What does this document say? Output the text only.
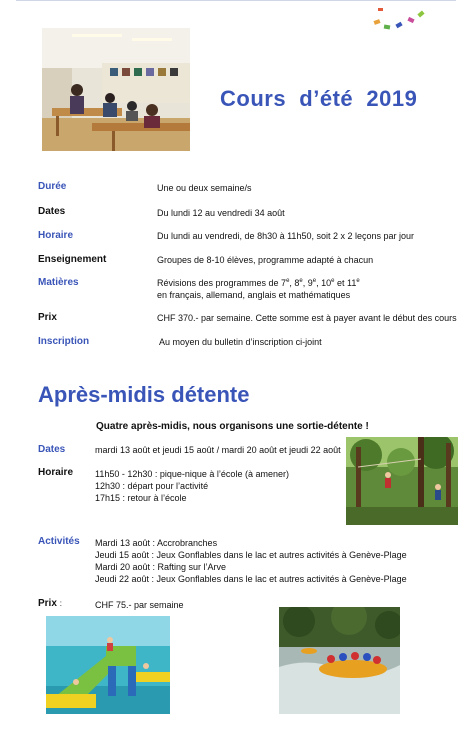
Cours  d’été  2019
Durée	Une ou deux semaine/s
Dates	Du lundi 12 au vendredi 34 août
Horaire	Du lundi au vendredi, de 8h30 à 11h50, soit 2 x 2 leçons par jour
Enseignement	Groupes de 8-10 élèves, programme adapté à chacun
Matières	Révisions des programmes de 7e, 8e, 9e, 10e et 11e
en français, allemand, anglais et mathématiques
Prix	CHF 370.- par semaine. Cette somme est à payer avant le début des cours
Inscription	Au moyen du bulletin d’inscription ci-joint
Après-midis détente
Quatre après-midis, nous organisons une sortie-détente !
Dates	mardi 13 août et jeudi 15 août / mardi 20 août et jeudi 22 août
Horaire 11h50 - 12h30 : pique-nique à l’école (à amener)
12h30 : départ pour l’activité
17h15 : retour à l’école
Activités Mardi 13 août : Accrobranches
Jeudi 15 août : Jeux Gonflables dans le lac et autres activités à Genève-Plage
Mardi 20 août : Rafting sur l’Arve
Jeudi 22 août : Jeux Gonflables dans le lac et autres activités à Genève-Plage
Prix :	CHF 75.- par semaine
